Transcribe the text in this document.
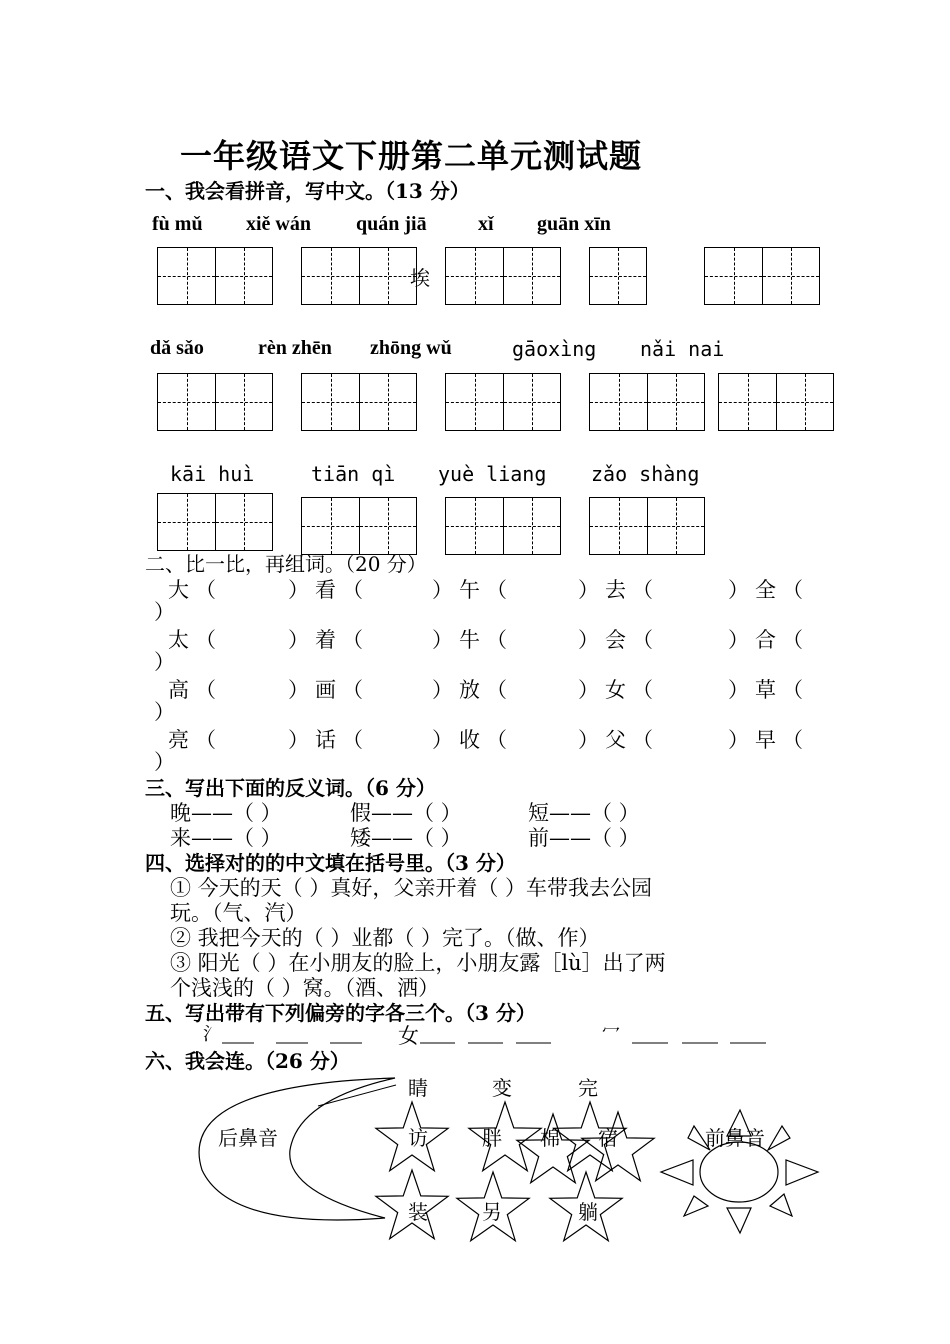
一年级语文下册第二单元测试题
一、我会看拼音，写中文。（13 分）
fù mǔ xiě wán quán jiā	xǐ guān xīn
埃
dǎ sǎo	rèn zhēn zhōng wǔ	gāoxìng nǎi nai
kāi huì	tiān qì yuè liang zǎo shàng
二、比一比，再组词。（20 分）
大（	）看（	）午（	）去（	）全（
）
太（	）着（	）牛（	）会（	）合（
）
高（	）画（	）放（	）女（	）草（
）
亮（	）话（	）收（	）父（	）早（
）
三、写出下面的反义词。（6 分）
晚——（ ）	假——（ ）	短——（ ）
来——（ ）	矮——（ ）	前——（ ）
四、选择对的的中文填在括号里。（3 分）
① 今天的天（ ）真好，父亲开着（ ）车带我去公园
玩。（气、汽）
② 我把今天的（ ）业都（ ）完了。（做、作）
③ 阳光（ ）在小朋友的脸上，小朋友露［lù］出了两
个浅浅的（ ）窝。（酒、洒）
五、写出带有下列偏旁的字各三个。（3 分）
氵	女	冖
六、我会连。（26 分）
后鼻音	前鼻音
睛	变	完
访	胖 棉 宿
装	另	躺
